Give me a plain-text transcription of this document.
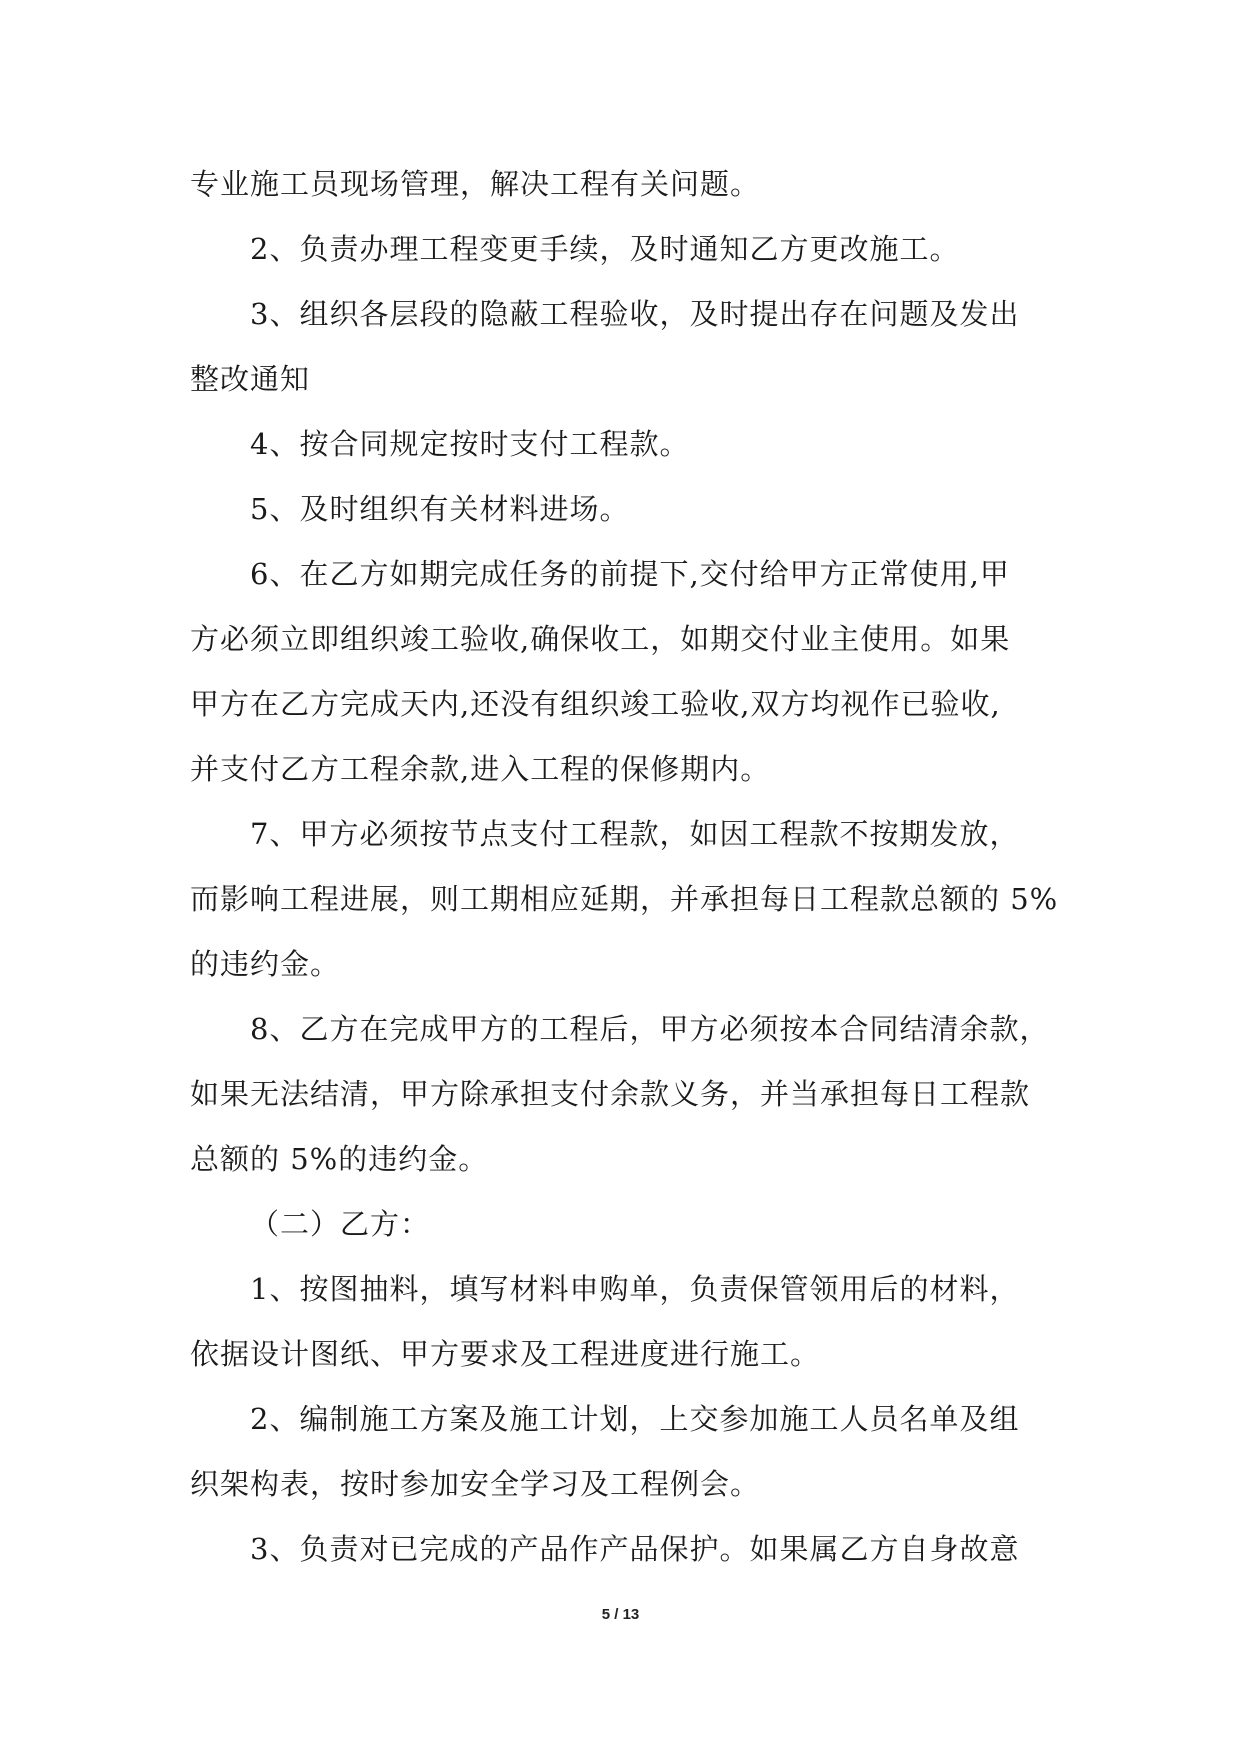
专业施工员现场管理，解决工程有关问题。
2、负责办理工程变更手续，及时通知乙方更改施工。
3、组织各层段的隐蔽工程验收，及时提出存在问题及发出
整改通知
4、按合同规定按时支付工程款。
5、及时组织有关材料进场。
6、在乙方如期完成任务的前提下,交付给甲方正常使用,甲
方必须立即组织竣工验收,确保收工，如期交付业主使用。如果
甲方在乙方完成天内,还没有组织竣工验收,双方均视作已验收,
并支付乙方工程余款,进入工程的保修期内。
7、甲方必须按节点支付工程款，如因工程款不按期发放，
而影响工程进展，则工期相应延期，并承担每日工程款总额的 5%
的违约金。
8、乙方在完成甲方的工程后，甲方必须按本合同结清余款，
如果无法结清，甲方除承担支付余款义务，并当承担每日工程款
总额的 5%的违约金。
（二）乙方：
1、按图抽料，填写材料申购单，负责保管领用后的材料，
依据设计图纸、甲方要求及工程进度进行施工。
2、编制施工方案及施工计划，上交参加施工人员名单及组
织架构表，按时参加安全学习及工程例会。
3、负责对已完成的产品作产品保护。如果属乙方自身故意
5 / 13
